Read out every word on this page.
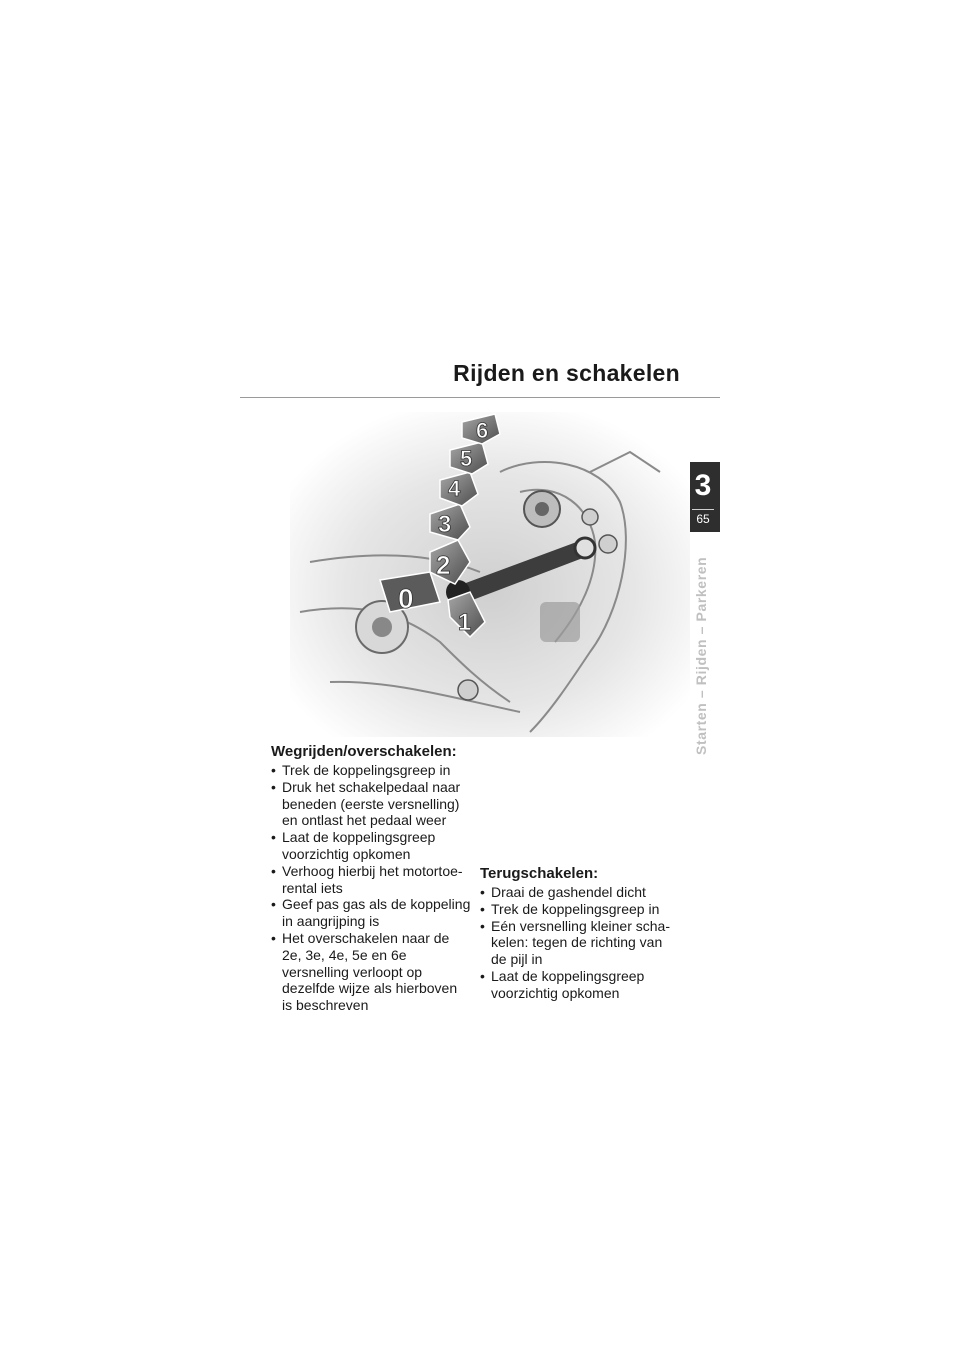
Rijden en schakelen
3
65
Starten – Rijden – Parkeren
0
1
2
3
4
5
6
Wegrijden/overschakelen:
• Trek de koppelingsgreep in
• Druk het schakelpedaal naar beneden (eerste versnelling) en ontlast het pedaal weer
• Laat de koppelingsgreep voorzichtig opkomen
• Verhoog hierbij het motortoe-rental iets
• Geef pas gas als de koppeling in aangrijping is
• Het overschakelen naar de 2e, 3e, 4e, 5e en 6e versnelling verloopt op dezelfde wijze als hierboven is beschreven
Terugschakelen:
• Draai de gashendel dicht
• Trek de koppelingsgreep in
• Eén versnelling kleiner scha-kelen: tegen de richting van de pijl in
• Laat de koppelingsgreep voorzichtig opkomen
